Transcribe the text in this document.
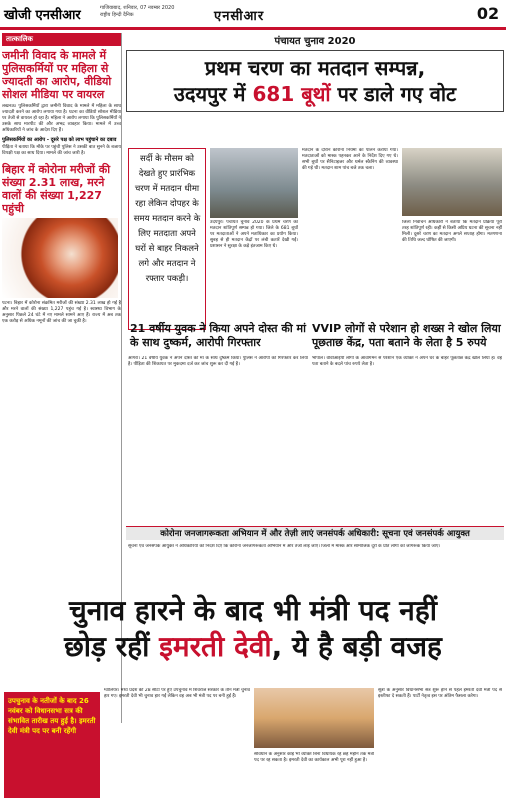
खोजी एनसीआर	गाजियाबाद, शनिवार, 07 नवम्बर 2020
राष्ट्रीय हिन्दी दैनिक	एनसीआर	02
तात्कालिक
जमीनी विवाद के मामले में पुलिसकर्मियों पर महिला से ज्यादती का आरोप, वीडियो सोशल मीडिया पर वायरल
लखनऊ। पुलिसकर्मियों द्वारा जमीनी विवाद के मामले में महिला के साथ ज्यादती करने का आरोप लगाया गया है। घटना का वीडियो सोशल मीडिया पर तेजी से वायरल हो रहा है। महिला ने आरोप लगाया कि पुलिसकर्मियों ने उसके साथ मारपीट की और अभद्र व्यवहार किया। मामले में उच्च अधिकारियों ने जांच के आदेश दिए हैं।
पुलिसकर्मियों का आरोप - दूसरे पक्ष को लाभ पहुंचाने का दबाव
पीड़िता ने बताया कि मौके पर पहुंची पुलिस ने उसकी बात सुनने के बजाय विपक्षी पक्ष का साथ दिया। मामले की जांच जारी है।
बिहार में कोरोना मरीजों की संख्या 2.31 लाख, मरने वालों की संख्या 1,227 पहुंची
पटना। बिहार में कोरोना संक्रमित मरीजों की संख्या 2.31 लाख हो गई है और मरने वालों की संख्या 1,227 पहुंच गई है। स्वास्थ्य विभाग के अनुसार पिछले 24 घंटे में नए मामले सामने आए हैं। राज्य में अब तक एक करोड़ से अधिक नमूनों की जांच की जा चुकी है।
पंचायत चुनाव 2020
प्रथम चरण का मतदान सम्पन्न,
उदयपुर में 681 बूथों पर डाले गए वोट
सर्दी के मौसम को देखते हुए प्रारंभिक चरण में मतदान धीमा रहा लेकिन दोपहर के समय मतदान करने के लिए मतदाता अपने घरों से बाहर निकलने लगे और मतदान ने रफ्तार पकड़ी।
उदयपुर। पंचायत चुनाव 2020 के प्रथम चरण का मतदान शांतिपूर्ण सम्पन्न हो गया। जिले के 681 बूथों पर मतदाताओं ने अपने मताधिकार का प्रयोग किया। सुबह से ही मतदान केंद्रों पर लंबी कतारें देखी गईं। प्रशासन ने सुरक्षा के कड़े इंतजाम किए थे।
मतदान के दौरान कोरोना नियमों का पालन कराया गया। मतदाताओं को मास्क पहनकर आने के निर्देश दिए गए थे। सभी बूथों पर सैनिटाइजर और थर्मल स्कैनिंग की व्यवस्था की गई थी। मतदान शाम पांच बजे तक चला।
जिला निर्वाचन अधिकारी ने बताया कि मतदान प्रक्रिया पूरी तरह शांतिपूर्ण रही। कहीं से किसी अप्रिय घटना की सूचना नहीं मिली। दूसरे चरण का मतदान अगले सप्ताह होगा। मतगणना की तिथि जल्द घोषित की जाएगी।
21 वर्षीय युवक ने किया अपने दोस्त की मां के साथ दुष्कर्म, आरोपी गिरफ्तार
VVIP लोगों से परेशान हो शख्स ने खोल लिया पूछताछ केंद्र, पता बताने के लेता है 5 रुपये
आगरा। 21 वर्षीय युवक ने अपने दोस्त की मां के साथ दुष्कर्म किया। पुलिस ने आरोपी को गिरफ्तार कर लिया है। पीड़िता की शिकायत पर मुकदमा दर्ज कर जांच शुरू कर दी गई है।
भोपाल। वीवीआईपी लोगों के आवागमन से परेशान एक व्यक्ति ने अपने घर के बाहर पूछताछ केंद्र खोल लिया है। वह पता बताने के बदले पांच रुपये लेता है।
कोरोना जनजागरूकता अभियान में और तेज़ी लाएं जनसंपर्क अधिकारी: सूचना एवं जनसंपर्क आयुक्त
सूचना एवं जनसंपर्क आयुक्त ने अधिकारियों को निर्देश दिए कि कोरोना जनजागरूकता अभियान में और तेजी लाई जाए। जिलों में मास्क और सामाजिक दूरी के प्रति लोगों को जागरूक किया जाए।
चुनाव हारने के बाद भी मंत्री पद नहीं
छोड़ रहीं इमरती देवी, ये है बड़ी वजह
उपचुनाव के नतीजों के बाद 26 नवंबर को विधानसभा सत्र की संभावित तारीख तय हुई है। इमरती देवी मंत्री पद पर बनी रहेंगी
ग्वालियर। मध्य प्रदेश की 28 सीटों पर हुए उपचुनाव में शिवराज सरकार के तीन मंत्री चुनाव हार गए। इमरती देवी भी चुनाव हार गईं लेकिन वह अब भी मंत्री पद पर बनी हुई हैं।
संविधान के अनुसार कोई भी व्यक्ति बिना विधायक रहे छह महीने तक मंत्री पद पर रह सकता है। इमरती देवी का कार्यकाल अभी पूरा नहीं हुआ है।
सूत्रों के अनुसार विधानसभा सत्र शुरू होने से पहले इमरती देवी मंत्री पद से इस्तीफा दे सकती हैं। पार्टी नेतृत्व इस पर अंतिम फैसला करेगा।
